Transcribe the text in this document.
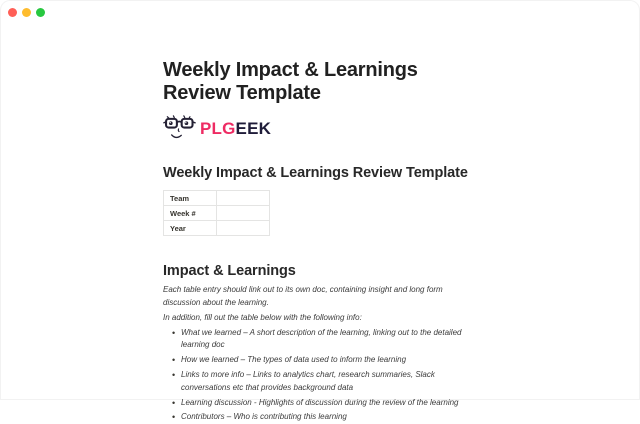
Weekly Impact & Learnings Review Template
PLGEEK
Weekly Impact & Learnings Review Template
Team	
Week #	
Year	
Impact & Learnings

Each table entry should link out to its own doc, containing insight and long form discussion about the learning.

In addition, fill out the table below with the following info:

• What we learned – A short description of the learning, linking out to the detailed learning doc
• How we learned – The types of data used to inform the learning
• Links to more info – Links to analytics chart, research summaries, Slack conversations etc that provides background data
• Learning discussion - Highlights of discussion during the review of the learning
• Contributors – Who is contributing this learning
